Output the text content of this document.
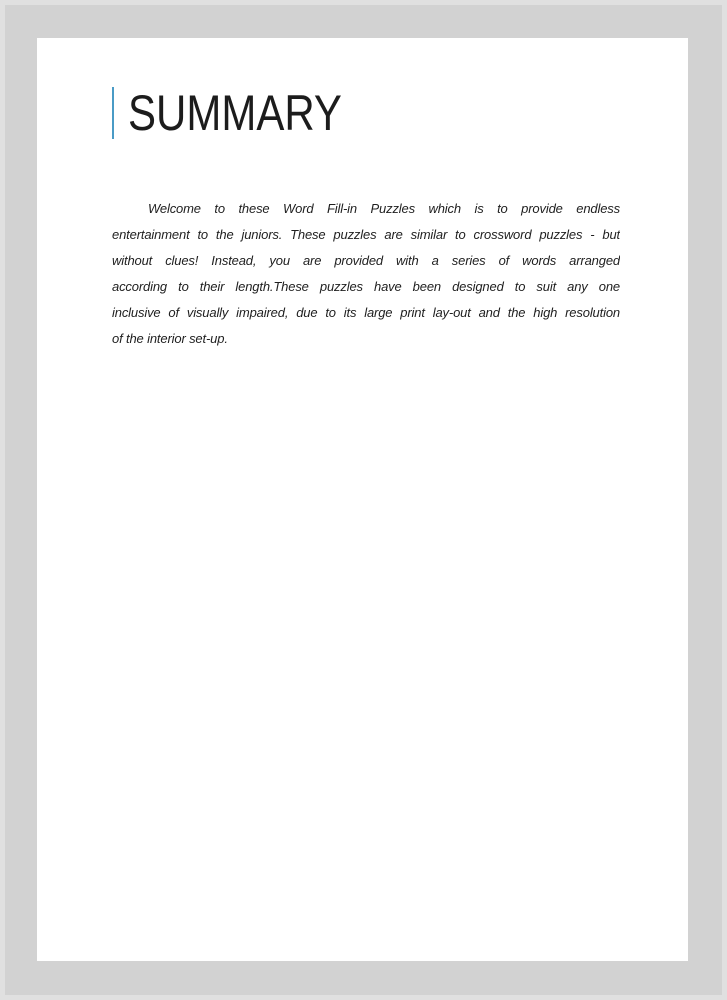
SUMMARY
Welcome to these Word Fill-in Puzzles which is to provide endless
entertainment to the juniors. These puzzles are similar to crossword puzzles - but
without clues! Instead, you are provided with a series of words arranged
according to their length.These puzzles have been designed to suit any one
inclusive of visually impaired, due to its large print lay-out and the high resolution
of the interior set-up.
